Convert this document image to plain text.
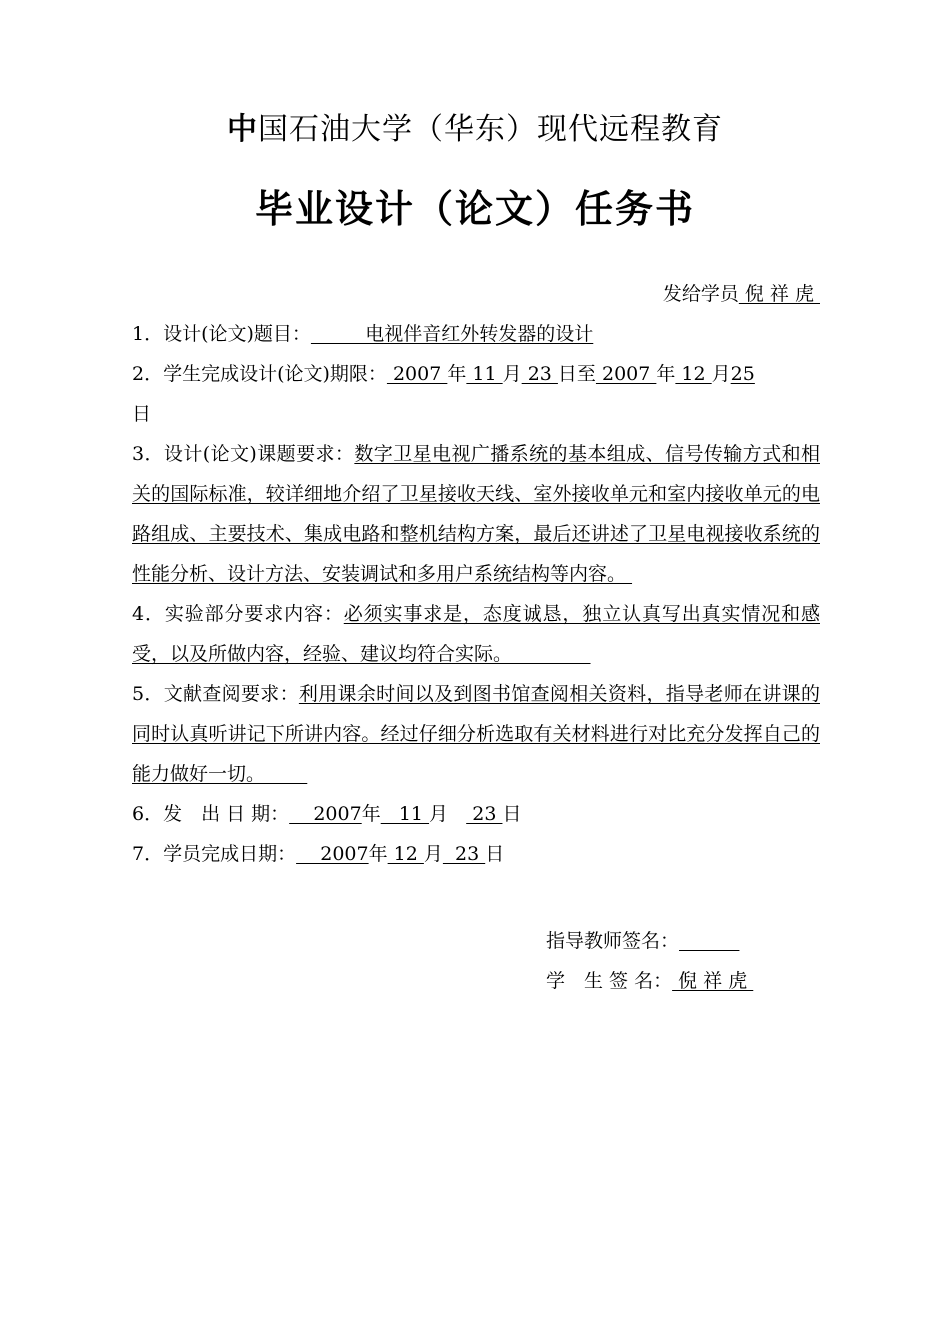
中国石油大学（华东）现代远程教育
毕业设计（论文）任务书
发给学员 倪 祥 虎
1．设计(论文)题目：         电视伴音红外转发器的设计
2．学生完成设计(论文)期限： 2007 年 11 月 23 日至 2007 年 12 月25
日
3．设计(论文)课题要求：数字卫星电视广播系统的基本组成、信号传输方式和相关的国际标准，较详细地介绍了卫星接收天线、室外接收单元和室内接收单元的电路组成、主要技术、集成电路和整机结构方案，最后还讲述了卫星电视接收系统的性能分析、设计方法、安装调试和多用户系统结构等内容。
4．实验部分要求内容：必须实事求是，态度诚恳，独立认真写出真实情况和感受，以及所做内容，经验、建议均符合实际。
5．文献查阅要求：利用课余时间以及到图书馆查阅相关资料，指导老师在讲课的同时认真听讲记下所讲内容。经过仔细分析选取有关材料进行对比充分发挥自己的能力做好一切。
6．发　出 日 期：    2007年   11 月    23 日
7．学员完成日期：    2007年 12 月  23 日
指导教师签名：
学　生 签 名： 倪 祥 虎
